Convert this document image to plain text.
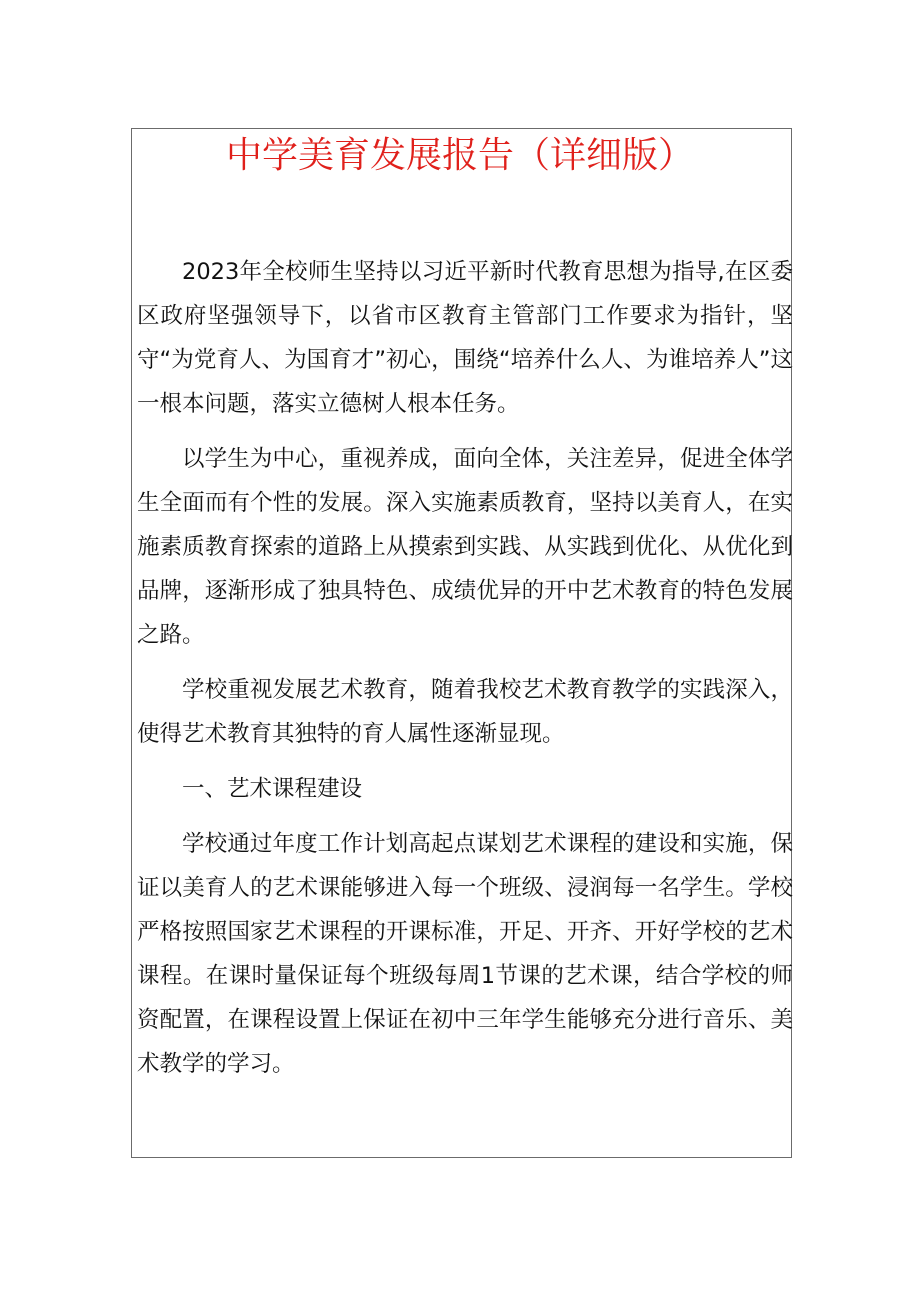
中学美育发展报告（详细版）

2023年全校师生坚持以习近平新时代教育思想为指导,在区委区政府坚强领导下，以省市区教育主管部门工作要求为指针，坚守“为党育人、为国育才”初心，围绕“培养什么人、为谁培养人”这一根本问题，落实立德树人根本任务。

以学生为中心，重视养成，面向全体，关注差异，促进全体学生全面而有个性的发展。深入实施素质教育，坚持以美育人，在实施素质教育探索的道路上从摸索到实践、从实践到优化、从优化到品牌，逐渐形成了独具特色、成绩优异的开中艺术教育的特色发展之路。

学校重视发展艺术教育，随着我校艺术教育教学的实践深入，使得艺术教育其独特的育人属性逐渐显现。

一、艺术课程建设

学校通过年度工作计划高起点谋划艺术课程的建设和实施，保证以美育人的艺术课能够进入每一个班级、浸润每一名学生。学校严格按照国家艺术课程的开课标准，开足、开齐、开好学校的艺术课程。在课时量保证每个班级每周1节课的艺术课，结合学校的师资配置，在课程设置上保证在初中三年学生能够充分进行音乐、美术教学的学习。
